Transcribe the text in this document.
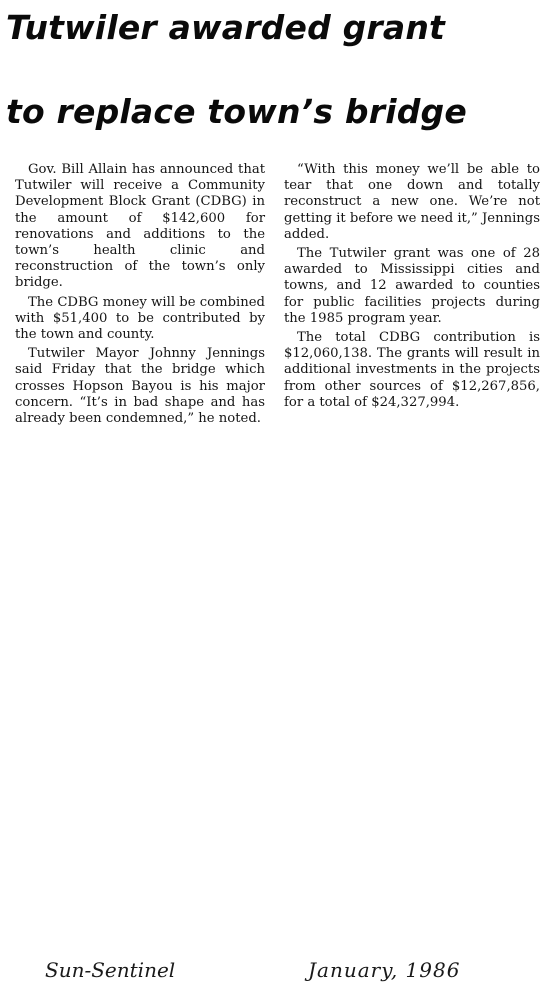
Tutwiler awarded grant
to replace town’s bridge

Gov. Bill Allain has announced that Tutwiler will receive a Community Development Block Grant (CDBG) in the amount of $142,600 for renovations and additions to the town’s health clinic and reconstruction of the town’s only bridge.

The CDBG money will be combined with $51,400 to be contributed by the town and county.

Tutwiler Mayor Johnny Jennings said Friday that the bridge which crosses Hopson Bayou is his major concern. “It’s in bad shape and has already been condemned,” he noted.

“With this money we’ll be able to tear that one down and totally reconstruct a new one. We’re not getting it before we need it,” Jennings added.

The Tutwiler grant was one of 28 awarded to Mississippi cities and towns, and 12 awarded to counties for public facilities projects during the 1985 program year.

The total CDBG contribution is $12,060,138. The grants will result in additional investments in the projects from other sources of $12,267,856, for a total of $24,327,994.

Sun-Sentinel	January, 1986
